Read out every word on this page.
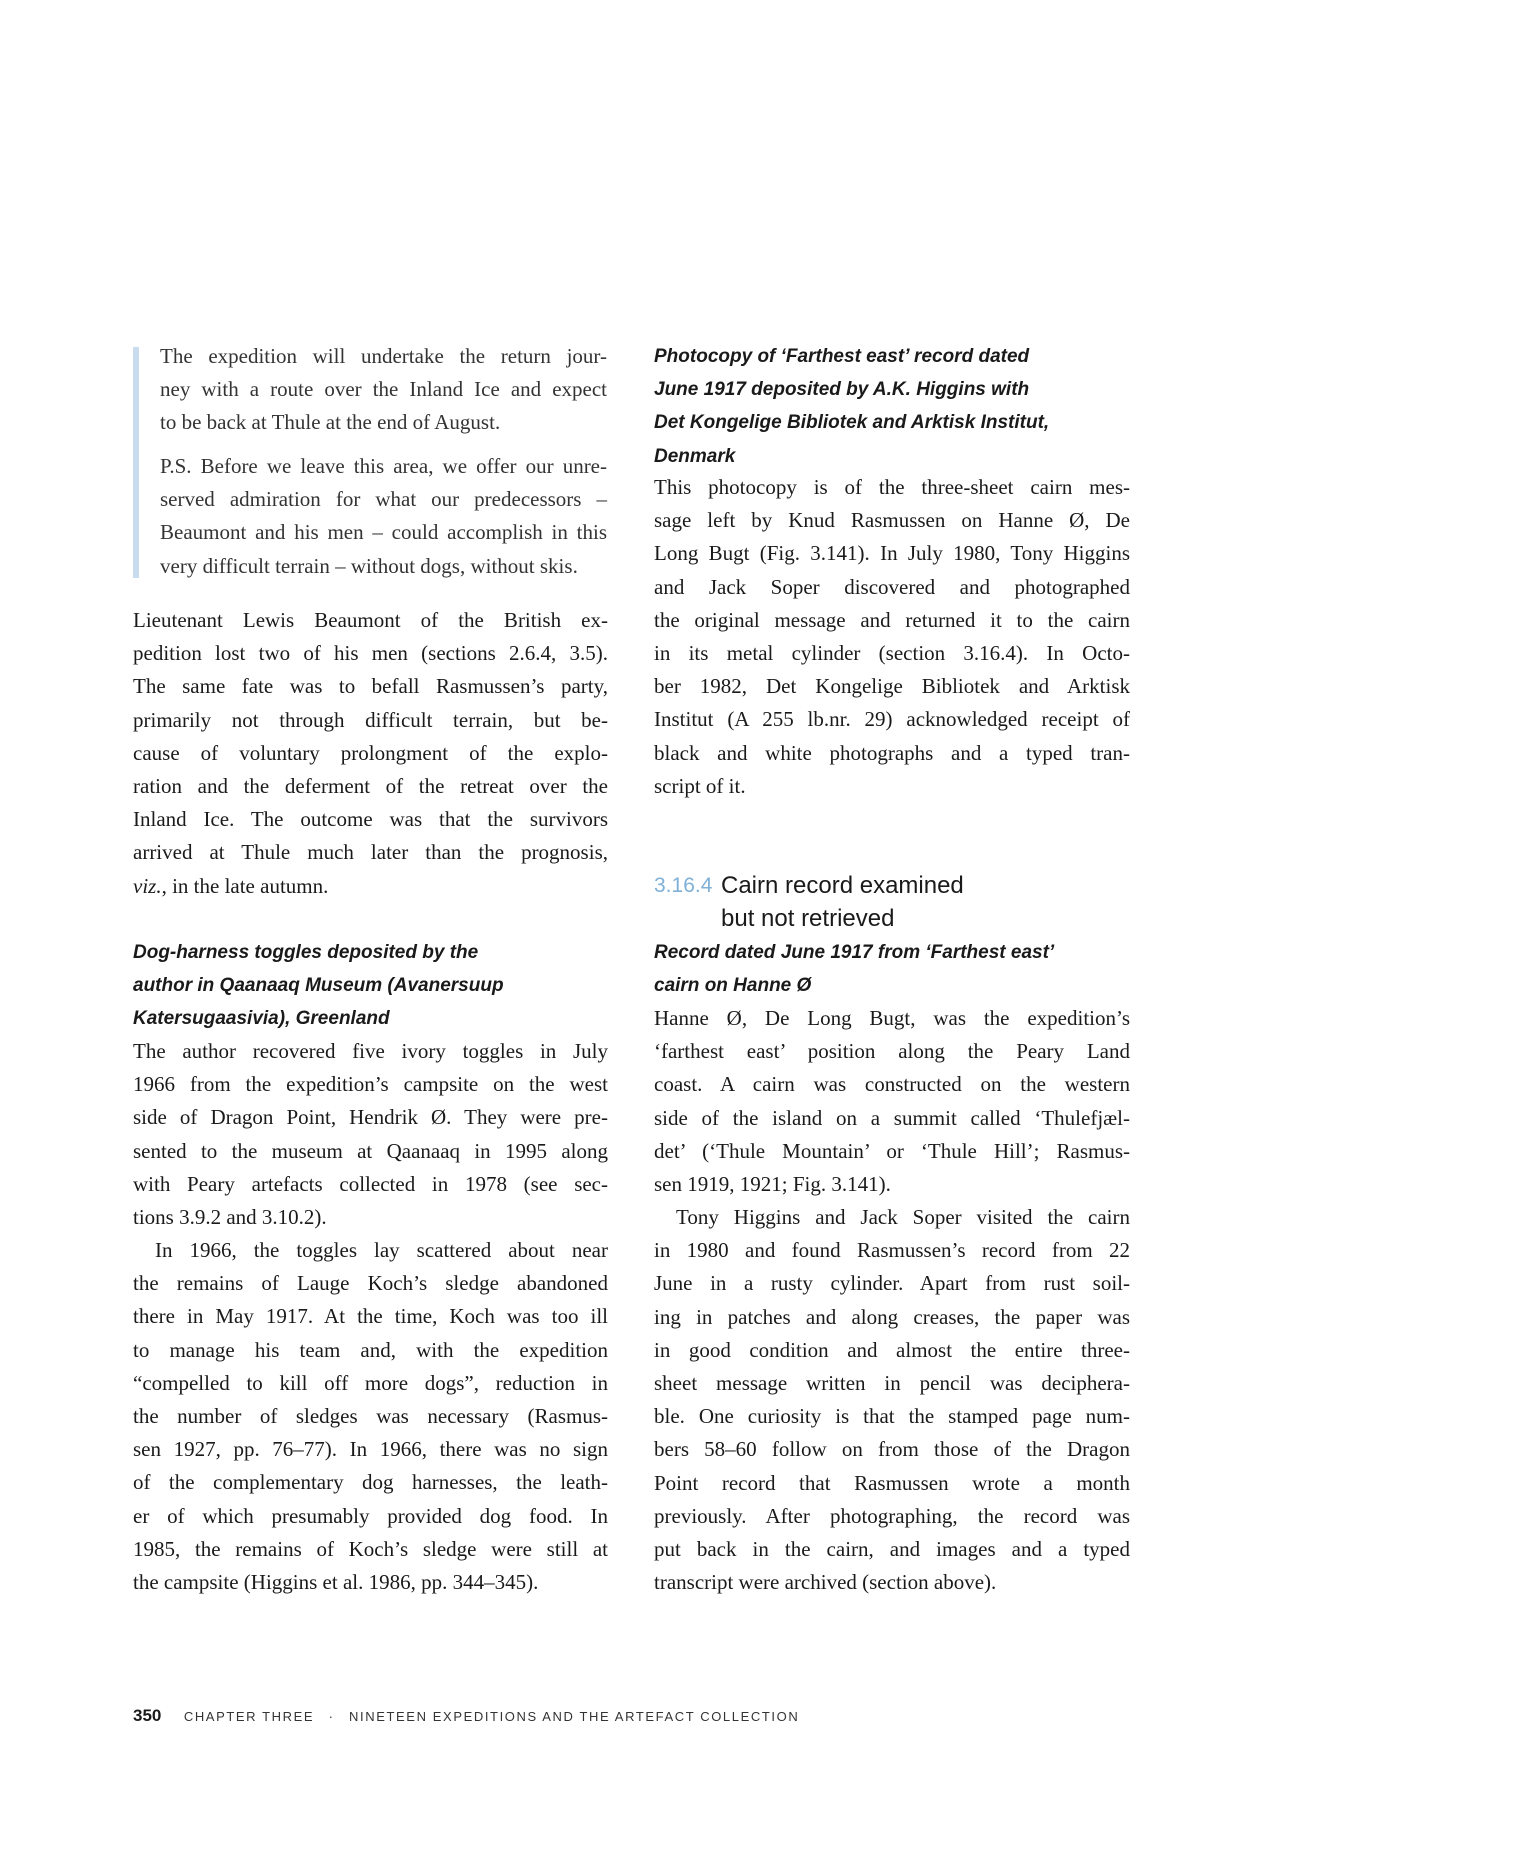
The expedition will undertake the return jour-
ney with a route over the Inland Ice and expect
to be back at Thule at the end of August.
P.S. Before we leave this area, we offer our unre-
served admiration for what our predecessors –
Beaumont and his men – could accomplish in this
very difficult terrain – without dogs, without skis.
Lieutenant Lewis Beaumont of the British ex-
pedition lost two of his men (sections 2.6.4, 3.5).
The same fate was to befall Rasmussen’s party,
primarily not through difficult terrain, but be-
cause of voluntary prolongment of the explo-
ration and the deferment of the retreat over the
Inland Ice. The outcome was that the survivors
arrived at Thule much later than the prognosis,
viz., in the late autumn.
Dog-harness toggles deposited by the
author in Qaanaaq Museum (Avanersuup
Katersugaasivia), Greenland
The author recovered five ivory toggles in July
1966 from the expedition’s campsite on the west
side of Dragon Point, Hendrik Ø. They were pre-
sented to the museum at Qaanaaq in 1995 along
with Peary artefacts collected in 1978 (see sec-
tions 3.9.2 and 3.10.2).
In 1966, the toggles lay scattered about near
the remains of Lauge Koch’s sledge abandoned
there in May 1917. At the time, Koch was too ill
to manage his team and, with the expedition
“compelled to kill off more dogs”, reduction in
the number of sledges was necessary (Rasmus-
sen 1927, pp. 76–77). In 1966, there was no sign
of the complementary dog harnesses, the leath-
er of which presumably provided dog food. In
1985, the remains of Koch’s sledge were still at
the campsite (Higgins et al. 1986, pp. 344–345).
Photocopy of ‘Farthest east’ record dated
June 1917 deposited by A.K. Higgins with
Det Kongelige Bibliotek and Arktisk Institut,
Denmark
This photocopy is of the three-sheet cairn mes-
sage left by Knud Rasmussen on Hanne Ø, De
Long Bugt (Fig. 3.141). In July 1980, Tony Higgins
and Jack Soper discovered and photographed
the original message and returned it to the cairn
in its metal cylinder (section 3.16.4). In Octo-
ber 1982, Det Kongelige Bibliotek and Arktisk
Institut (A 255 lb.nr. 29) acknowledged receipt of
black and white photographs and a typed tran-
script of it.
3.16.4 Cairn record examined
but not retrieved
Record dated June 1917 from ‘Farthest east’
cairn on Hanne Ø
Hanne Ø, De Long Bugt, was the expedition’s
‘farthest east’ position along the Peary Land
coast. A cairn was constructed on the western
side of the island on a summit called ‘Thulefjæl-
det’ (‘Thule Mountain’ or ‘Thule Hill’; Rasmus-
sen 1919, 1921; Fig. 3.141).
Tony Higgins and Jack Soper visited the cairn
in 1980 and found Rasmussen’s record from 22
June in a rusty cylinder. Apart from rust soil-
ing in patches and along creases, the paper was
in good condition and almost the entire three-
sheet message written in pencil was deciphera-
ble. One curiosity is that the stamped page num-
bers 58–60 follow on from those of the Dragon
Point record that Rasmussen wrote a month
previously. After photographing, the record was
put back in the cairn, and images and a typed
transcript were archived (section above).
350 CHAPTER THREE · NINETEEN EXPEDITIONS AND THE ARTEFACT COLLECTION
